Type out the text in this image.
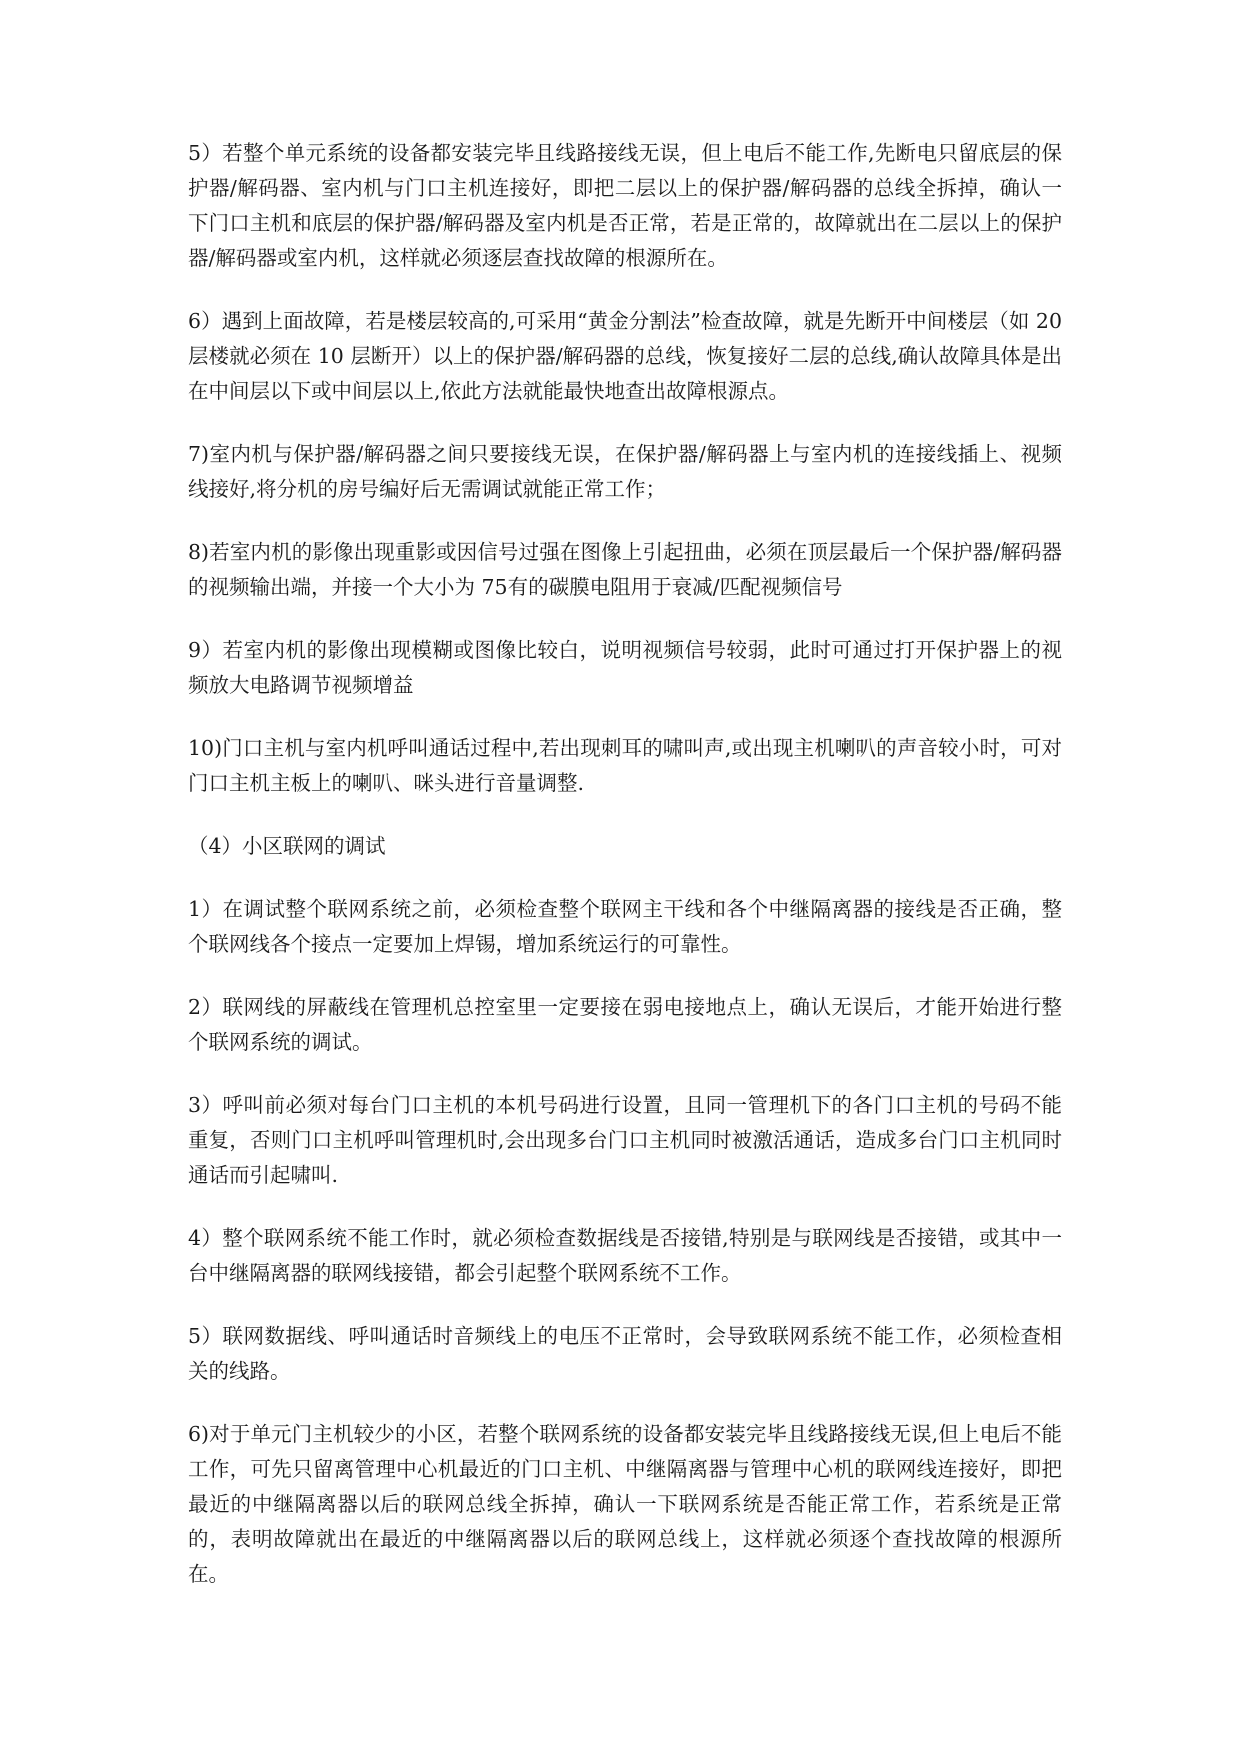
5）若整个单元系统的设备都安装完毕且线路接线无误，但上电后不能工作,先断电只留底层的保护器/解码器、室内机与门口主机连接好，即把二层以上的保护器/解码器的总线全拆掉，确认一下门口主机和底层的保护器/解码器及室内机是否正常，若是正常的，故障就出在二层以上的保护器/解码器或室内机，这样就必须逐层查找故障的根源所在。

6）遇到上面故障，若是楼层较高的,可采用“黄金分割法”检查故障，就是先断开中间楼层（如 20 层楼就必须在 10 层断开）以上的保护器/解码器的总线，恢复接好二层的总线,确认故障具体是出在中间层以下或中间层以上,依此方法就能最快地查出故障根源点。

7)室内机与保护器/解码器之间只要接线无误，在保护器/解码器上与室内机的连接线插上、视频线接好,将分机的房号编好后无需调试就能正常工作；

8)若室内机的影像出现重影或因信号过强在图像上引起扭曲，必须在顶层最后一个保护器/解码器的视频输出端，并接一个大小为 75有的碳膜电阻用于衰减/匹配视频信号

9）若室内机的影像出现模糊或图像比较白，说明视频信号较弱，此时可通过打开保护器上的视频放大电路调节视频增益

10)门口主机与室内机呼叫通话过程中,若出现刺耳的啸叫声,或出现主机喇叭的声音较小时，可对门口主机主板上的喇叭、咪头进行音量调整.

（4）小区联网的调试

1）在调试整个联网系统之前，必须检查整个联网主干线和各个中继隔离器的接线是否正确，整个联网线各个接点一定要加上焊锡，增加系统运行的可靠性。

2）联网线的屏蔽线在管理机总控室里一定要接在弱电接地点上，确认无误后，才能开始进行整个联网系统的调试。

3）呼叫前必须对每台门口主机的本机号码进行设置，且同一管理机下的各门口主机的号码不能重复，否则门口主机呼叫管理机时,会出现多台门口主机同时被激活通话，造成多台门口主机同时通话而引起啸叫.

4）整个联网系统不能工作时，就必须检查数据线是否接错,特别是与联网线是否接错，或其中一台中继隔离器的联网线接错，都会引起整个联网系统不工作。

5）联网数据线、呼叫通话时音频线上的电压不正常时，会导致联网系统不能工作，必须检查相关的线路。

6)对于单元门主机较少的小区，若整个联网系统的设备都安装完毕且线路接线无误,但上电后不能工作，可先只留离管理中心机最近的门口主机、中继隔离器与管理中心机的联网线连接好，即把最近的中继隔离器以后的联网总线全拆掉，确认一下联网系统是否能正常工作，若系统是正常的，表明故障就出在最近的中继隔离器以后的联网总线上，这样就必须逐个查找故障的根源所在。
